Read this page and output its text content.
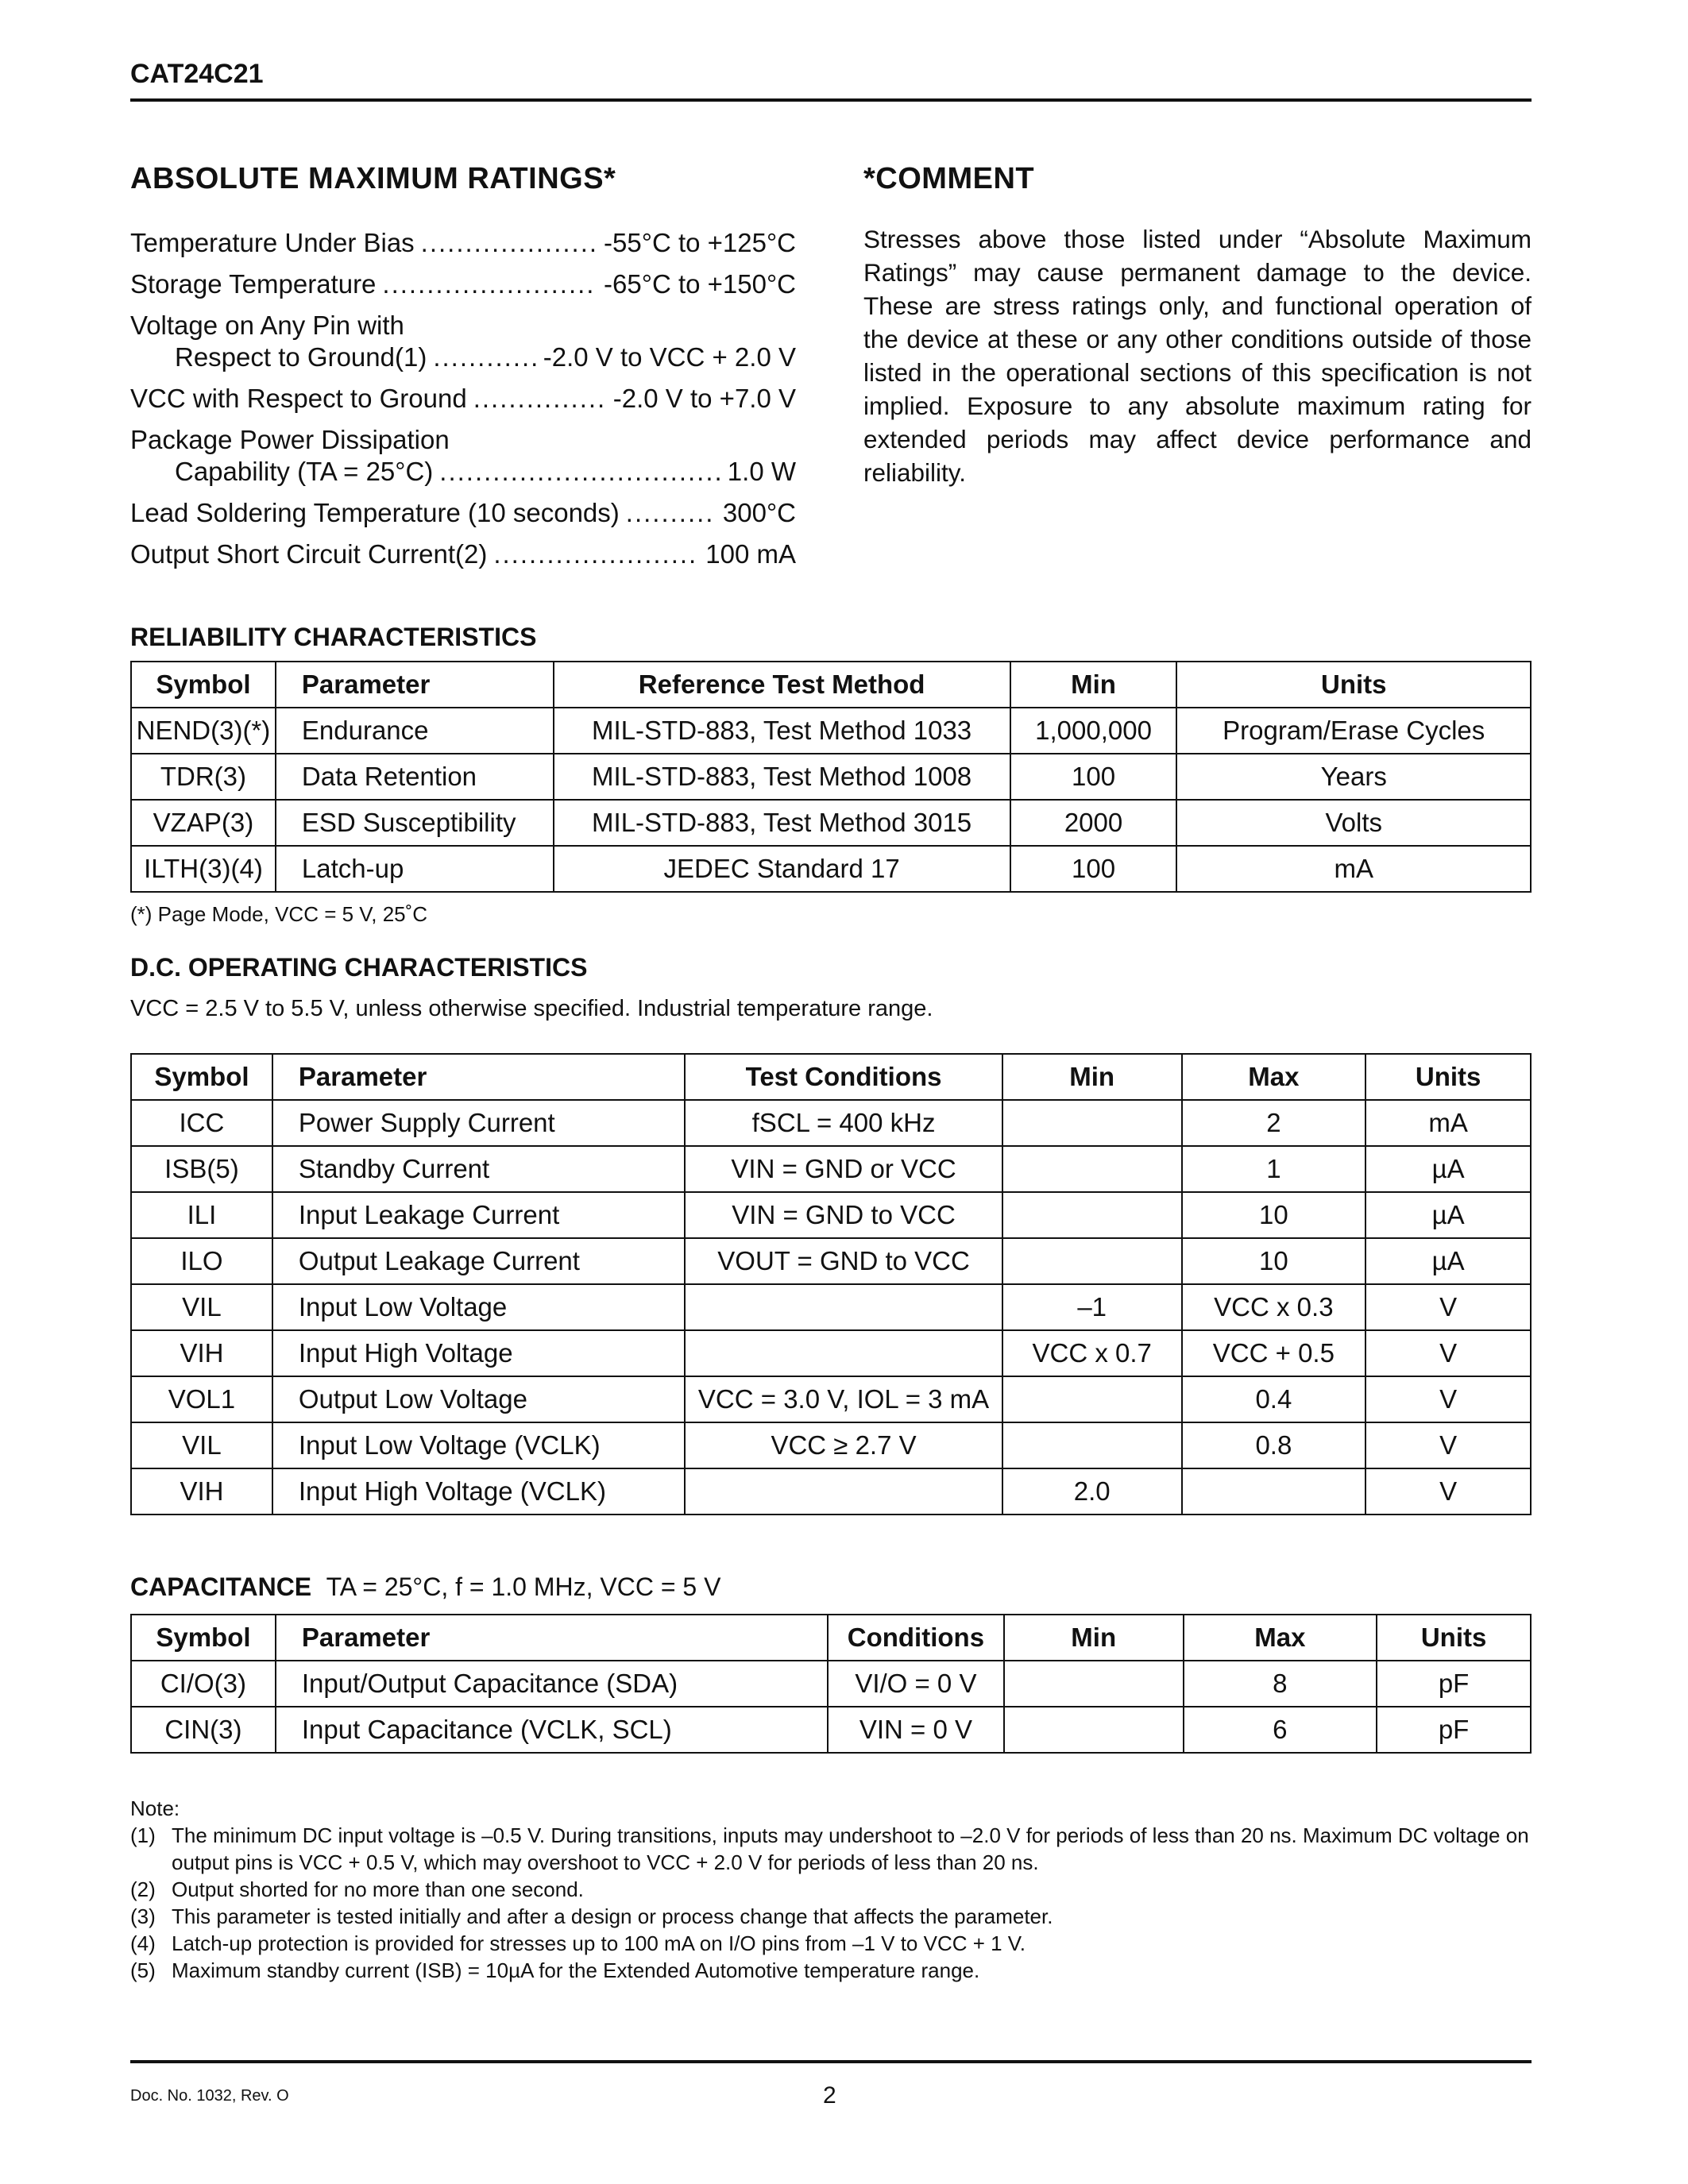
CAT24C21
ABSOLUTE MAXIMUM RATINGS*
Temperature Under Bias .....	-55°C to +125°C
Storage Temperature .....	-65°C to +150°C
Voltage on Any Pin with
Respect to Ground(1) .....	-2.0 V to VCC + 2.0 V
VCC with Respect to Ground .....	-2.0 V to +7.0 V
Package Power Dissipation
Capability (TA = 25°C) .....	1.0 W
Lead Soldering Temperature (10 seconds) .....	300°C
Output Short Circuit Current(2) .....	100 mA
*COMMENT
Stresses above those listed under “Absolute Maximum Ratings” may cause permanent damage to the device. These are stress ratings only, and functional operation of the device at these or any other conditions outside of those listed in the operational sections of this specification is not implied. Exposure to any absolute maximum rating for extended periods may affect device performance and reliability.
RELIABILITY CHARACTERISTICS
Symbol	Parameter	Reference Test Method	Min	Units
NEND(3)(*)	Endurance	MIL-STD-883, Test Method 1033	1,000,000	Program/Erase Cycles
TDR(3)	Data Retention	MIL-STD-883, Test Method 1008	100	Years
VZAP(3)	ESD Susceptibility	MIL-STD-883, Test Method 3015	2000	Volts
ILTH(3)(4)	Latch-up	JEDEC Standard 17	100	mA
(*) Page Mode, VCC = 5 V, 25˚C
D.C. OPERATING CHARACTERISTICS
VCC = 2.5 V to 5.5 V, unless otherwise specified. Industrial temperature range.
Symbol	Parameter	Test Conditions	Min	Max	Units
ICC	Power Supply Current	fSCL = 400 kHz		2	mA
ISB(5)	Standby Current	VIN = GND or VCC		1	µA
ILI	Input Leakage Current	VIN = GND to VCC		10	µA
ILO	Output Leakage Current	VOUT = GND to VCC		10	µA
VIL	Input Low Voltage		–1	VCC x 0.3	V
VIH	Input High Voltage		VCC x 0.7	VCC + 0.5	V
VOL1	Output Low Voltage	VCC = 3.0 V, IOL = 3 mA		0.4	V
VIL	Input Low Voltage (VCLK)	VCC ≥ 2.7 V		0.8	V
VIH	Input High Voltage (VCLK)		2.0		V
CAPACITANCE TA = 25°C, f = 1.0 MHz, VCC = 5 V
Symbol	Parameter	Conditions	Min	Max	Units
CI/O(3)	Input/Output Capacitance (SDA)	VI/O = 0 V		8	pF
CIN(3)	Input Capacitance (VCLK, SCL)	VIN = 0 V		6	pF
Note:
(1) The minimum DC input voltage is –0.5 V. During transitions, inputs may undershoot to –2.0 V for periods of less than 20 ns. Maximum DC voltage on output pins is VCC + 0.5 V, which may overshoot to VCC + 2.0 V for periods of less than 20 ns.
(2) Output shorted for no more than one second.
(3) This parameter is tested initially and after a design or process change that affects the parameter.
(4) Latch-up protection is provided for stresses up to 100 mA on I/O pins from –1 V to VCC + 1 V.
(5) Maximum standby current (ISB) = 10µA for the Extended Automotive temperature range.
Doc. No. 1032, Rev. O	2
